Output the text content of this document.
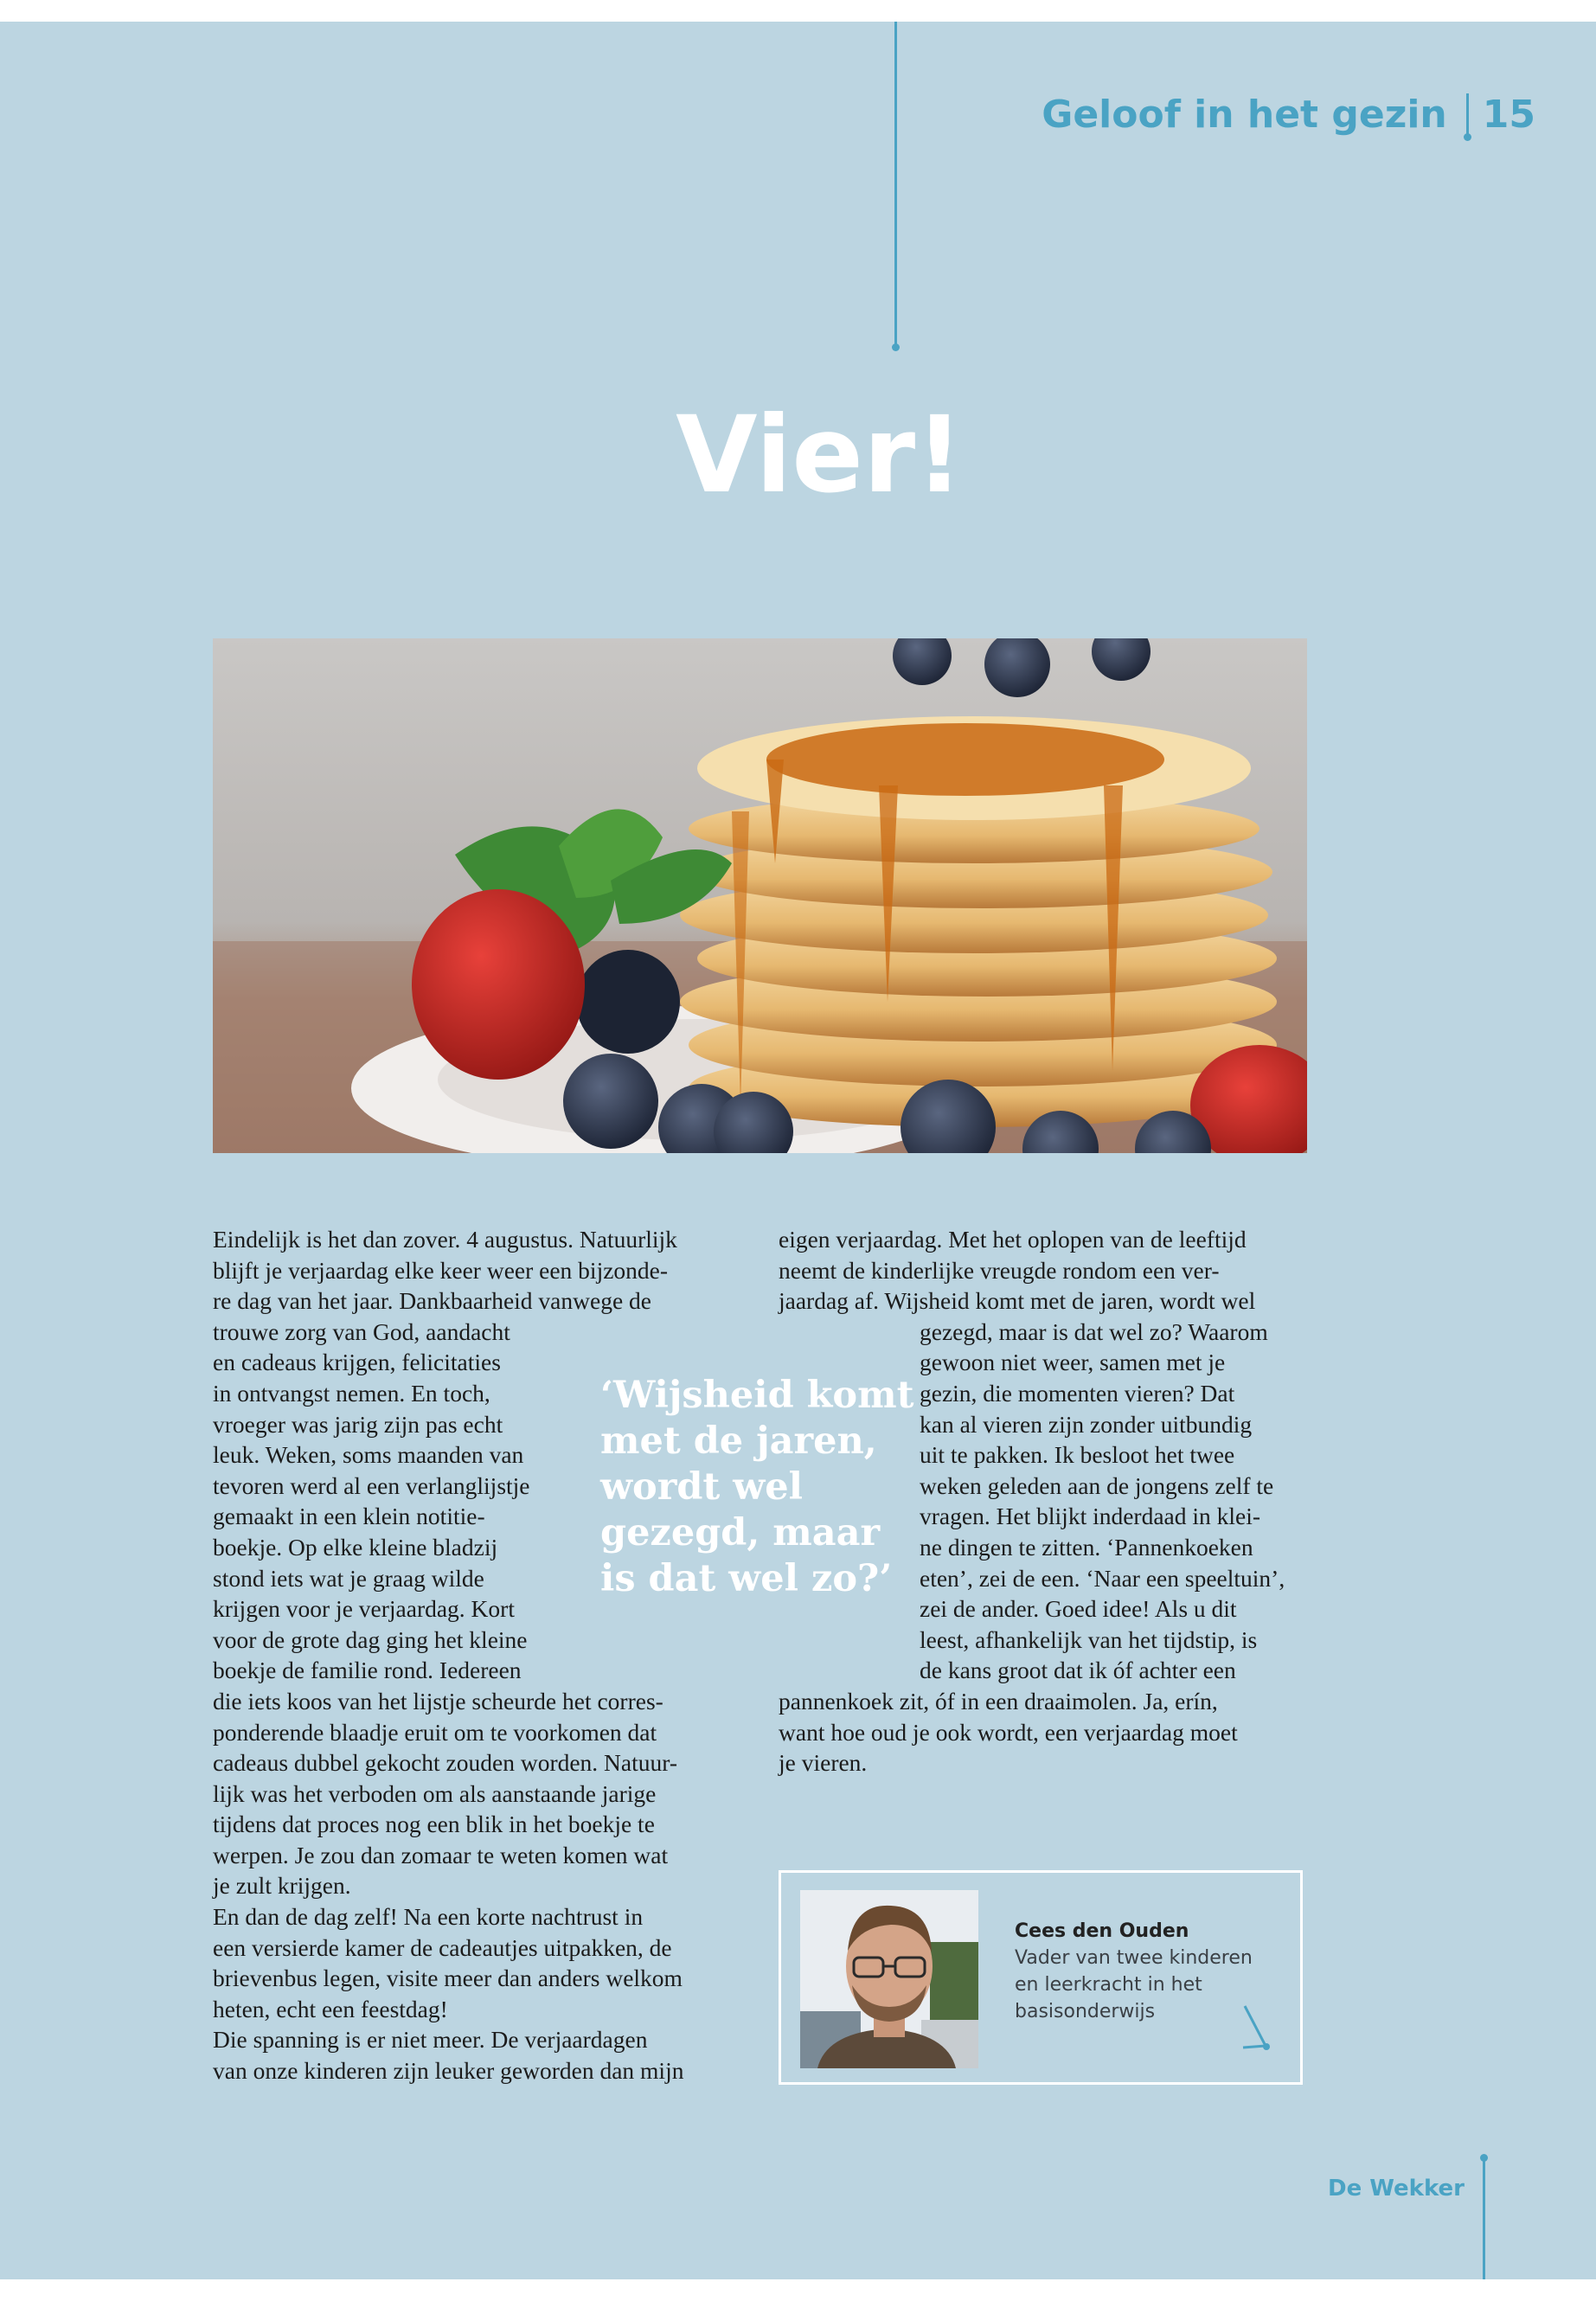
Geloof in het gezin 15
Vier!
Eindelijk is het dan zover. 4 augustus. Natuurlijk
blijft je verjaardag elke keer weer een bijzonde-
re dag van het jaar. Dankbaarheid vanwege de
trouwe zorg van God, aandacht
en cadeaus krijgen, felicitaties
in ontvangst nemen. En toch,
vroeger was jarig zijn pas echt
leuk. Weken, soms maanden van
tevoren werd al een verlanglijstje
gemaakt in een klein notitie-
boekje. Op elke kleine bladzij
stond iets wat je graag wilde
krijgen voor je verjaardag. Kort
voor de grote dag ging het kleine
boekje de familie rond. Iedereen
die iets koos van het lijstje scheurde het corres-
ponderende blaadje eruit om te voorkomen dat
cadeaus dubbel gekocht zouden worden. Natuur-
lijk was het verboden om als aanstaande jarige
tijdens dat proces nog een blik in het boekje te
werpen. Je zou dan zomaar te weten komen wat
je zult krijgen.
En dan de dag zelf! Na een korte nachtrust in
een versierde kamer de cadeautjes uitpakken, de
brievenbus legen, visite meer dan anders welkom
heten, echt een feestdag!
Die spanning is er niet meer. De verjaardagen
van onze kinderen zijn leuker geworden dan mijn
‘Wijsheid komt
met de jaren,
wordt wel
gezegd, maar
is dat wel zo?’
eigen verjaardag. Met het oplopen van de leeftijd
neemt de kinderlijke vreugde rondom een ver-
jaardag af. Wijsheid komt met de jaren, wordt wel
gezegd, maar is dat wel zo? Waarom
gewoon niet weer, samen met je
gezin, die momenten vieren? Dat
kan al vieren zijn zonder uitbundig
uit te pakken. Ik besloot het twee
weken geleden aan de jongens zelf te
vragen. Het blijkt inderdaad in klei-
ne dingen te zitten. ‘Pannenkoeken
eten’, zei de een. ‘Naar een speeltuin’,
zei de ander. Goed idee! Als u dit
leest, afhankelijk van het tijdstip, is
de kans groot dat ik óf achter een
pannenkoek zit, óf in een draaimolen. Ja, erín,
want hoe oud je ook wordt, een verjaardag moet
je vieren.
Cees den Ouden
Vader van twee kinderen
en leerkracht in het
basisonderwijs
De Wekker
